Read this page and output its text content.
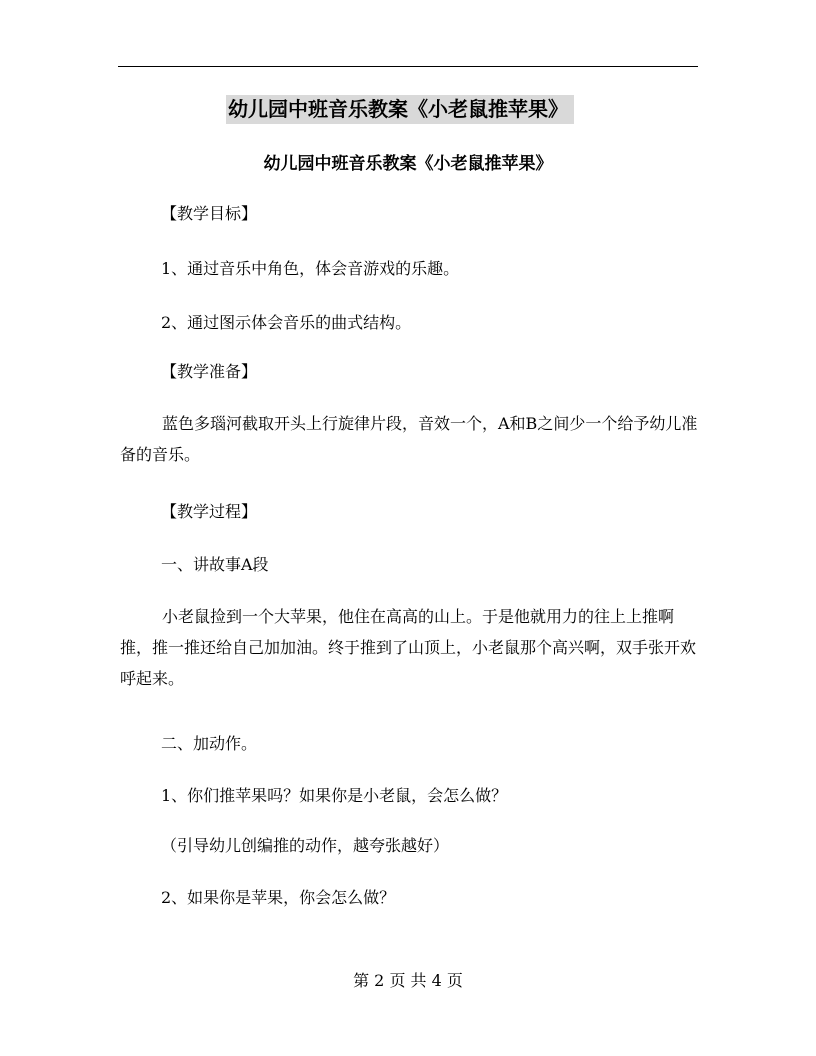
幼儿园中班音乐教案《小老鼠推苹果》
幼儿园中班音乐教案《小老鼠推苹果》
【教学目标】
1、通过音乐中角色，体会音游戏的乐趣。
2、通过图示体会音乐的曲式结构。
【教学准备】
蓝色多瑙河截取开头上行旋律片段，音效一个，A和B之间少一个给予幼儿准备的音乐。
【教学过程】
一、讲故事A段
小老鼠捡到一个大苹果，他住在高高的山上。于是他就用力的往上上推啊推，推一推还给自己加加油。终于推到了山顶上，小老鼠那个高兴啊，双手张开欢呼起来。
二、加动作。
1、你们推苹果吗？如果你是小老鼠，会怎么做？
（引导幼儿创编推的动作，越夸张越好）
2、如果你是苹果，你会怎么做？
第 2 页 共 4 页
